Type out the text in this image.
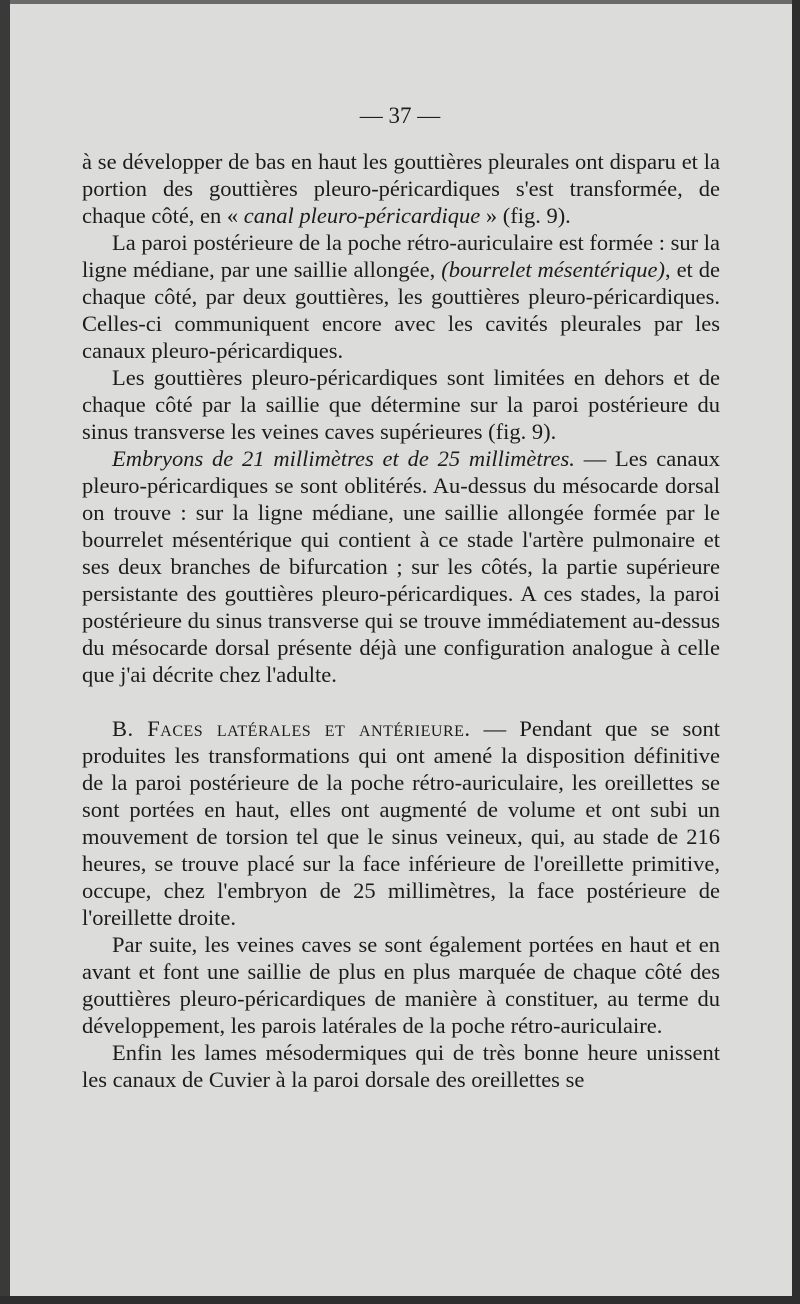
— 37 —

à se développer de bas en haut les gouttières pleurales ont disparu et la portion des gouttières pleuro-péricardiques s'est transformée, de chaque côté, en « canal pleuro-péricardique » (fig. 9).

La paroi postérieure de la poche rétro-auriculaire est formée : sur la ligne médiane, par une saillie allongée, (bourrelet mésentérique), et de chaque côté, par deux gouttières, les gouttières pleuro-péricardiques. Celles-ci communiquent encore avec les cavités pleurales par les canaux pleuro-péricardiques.

Les gouttières pleuro-péricardiques sont limitées en dehors et de chaque côté par la saillie que détermine sur la paroi postérieure du sinus transverse les veines caves supérieures (fig. 9).

Embryons de 21 millimètres et de 25 millimètres. — Les canaux pleuro-péricardiques se sont oblitérés. Au-dessus du mésocarde dorsal on trouve : sur la ligne médiane, une saillie allongée formée par le bourrelet mésentérique qui contient à ce stade l'artère pulmonaire et ses deux branches de bifurcation ; sur les côtés, la partie supérieure persistante des gouttières pleuro-péricardiques. A ces stades, la paroi postérieure du sinus transverse qui se trouve immédiatement au-dessus du mésocarde dorsal présente déjà une configuration analogue à celle que j'ai décrite chez l'adulte.

B. Faces latérales et antérieure. — Pendant que se sont produites les transformations qui ont amené la disposition définitive de la paroi postérieure de la poche rétro-auriculaire, les oreillettes se sont portées en haut, elles ont augmenté de volume et ont subi un mouvement de torsion tel que le sinus veineux, qui, au stade de 216 heures, se trouve placé sur la face inférieure de l'oreillette primitive, occupe, chez l'embryon de 25 millimètres, la face postérieure de l'oreillette droite.

Par suite, les veines caves se sont également portées en haut et en avant et font une saillie de plus en plus marquée de chaque côté des gouttières pleuro-péricardiques de manière à constituer, au terme du développement, les parois latérales de la poche rétro-auriculaire.

Enfin les lames mésodermiques qui de très bonne heure unissent les canaux de Cuvier à la paroi dorsale des oreillettes se
